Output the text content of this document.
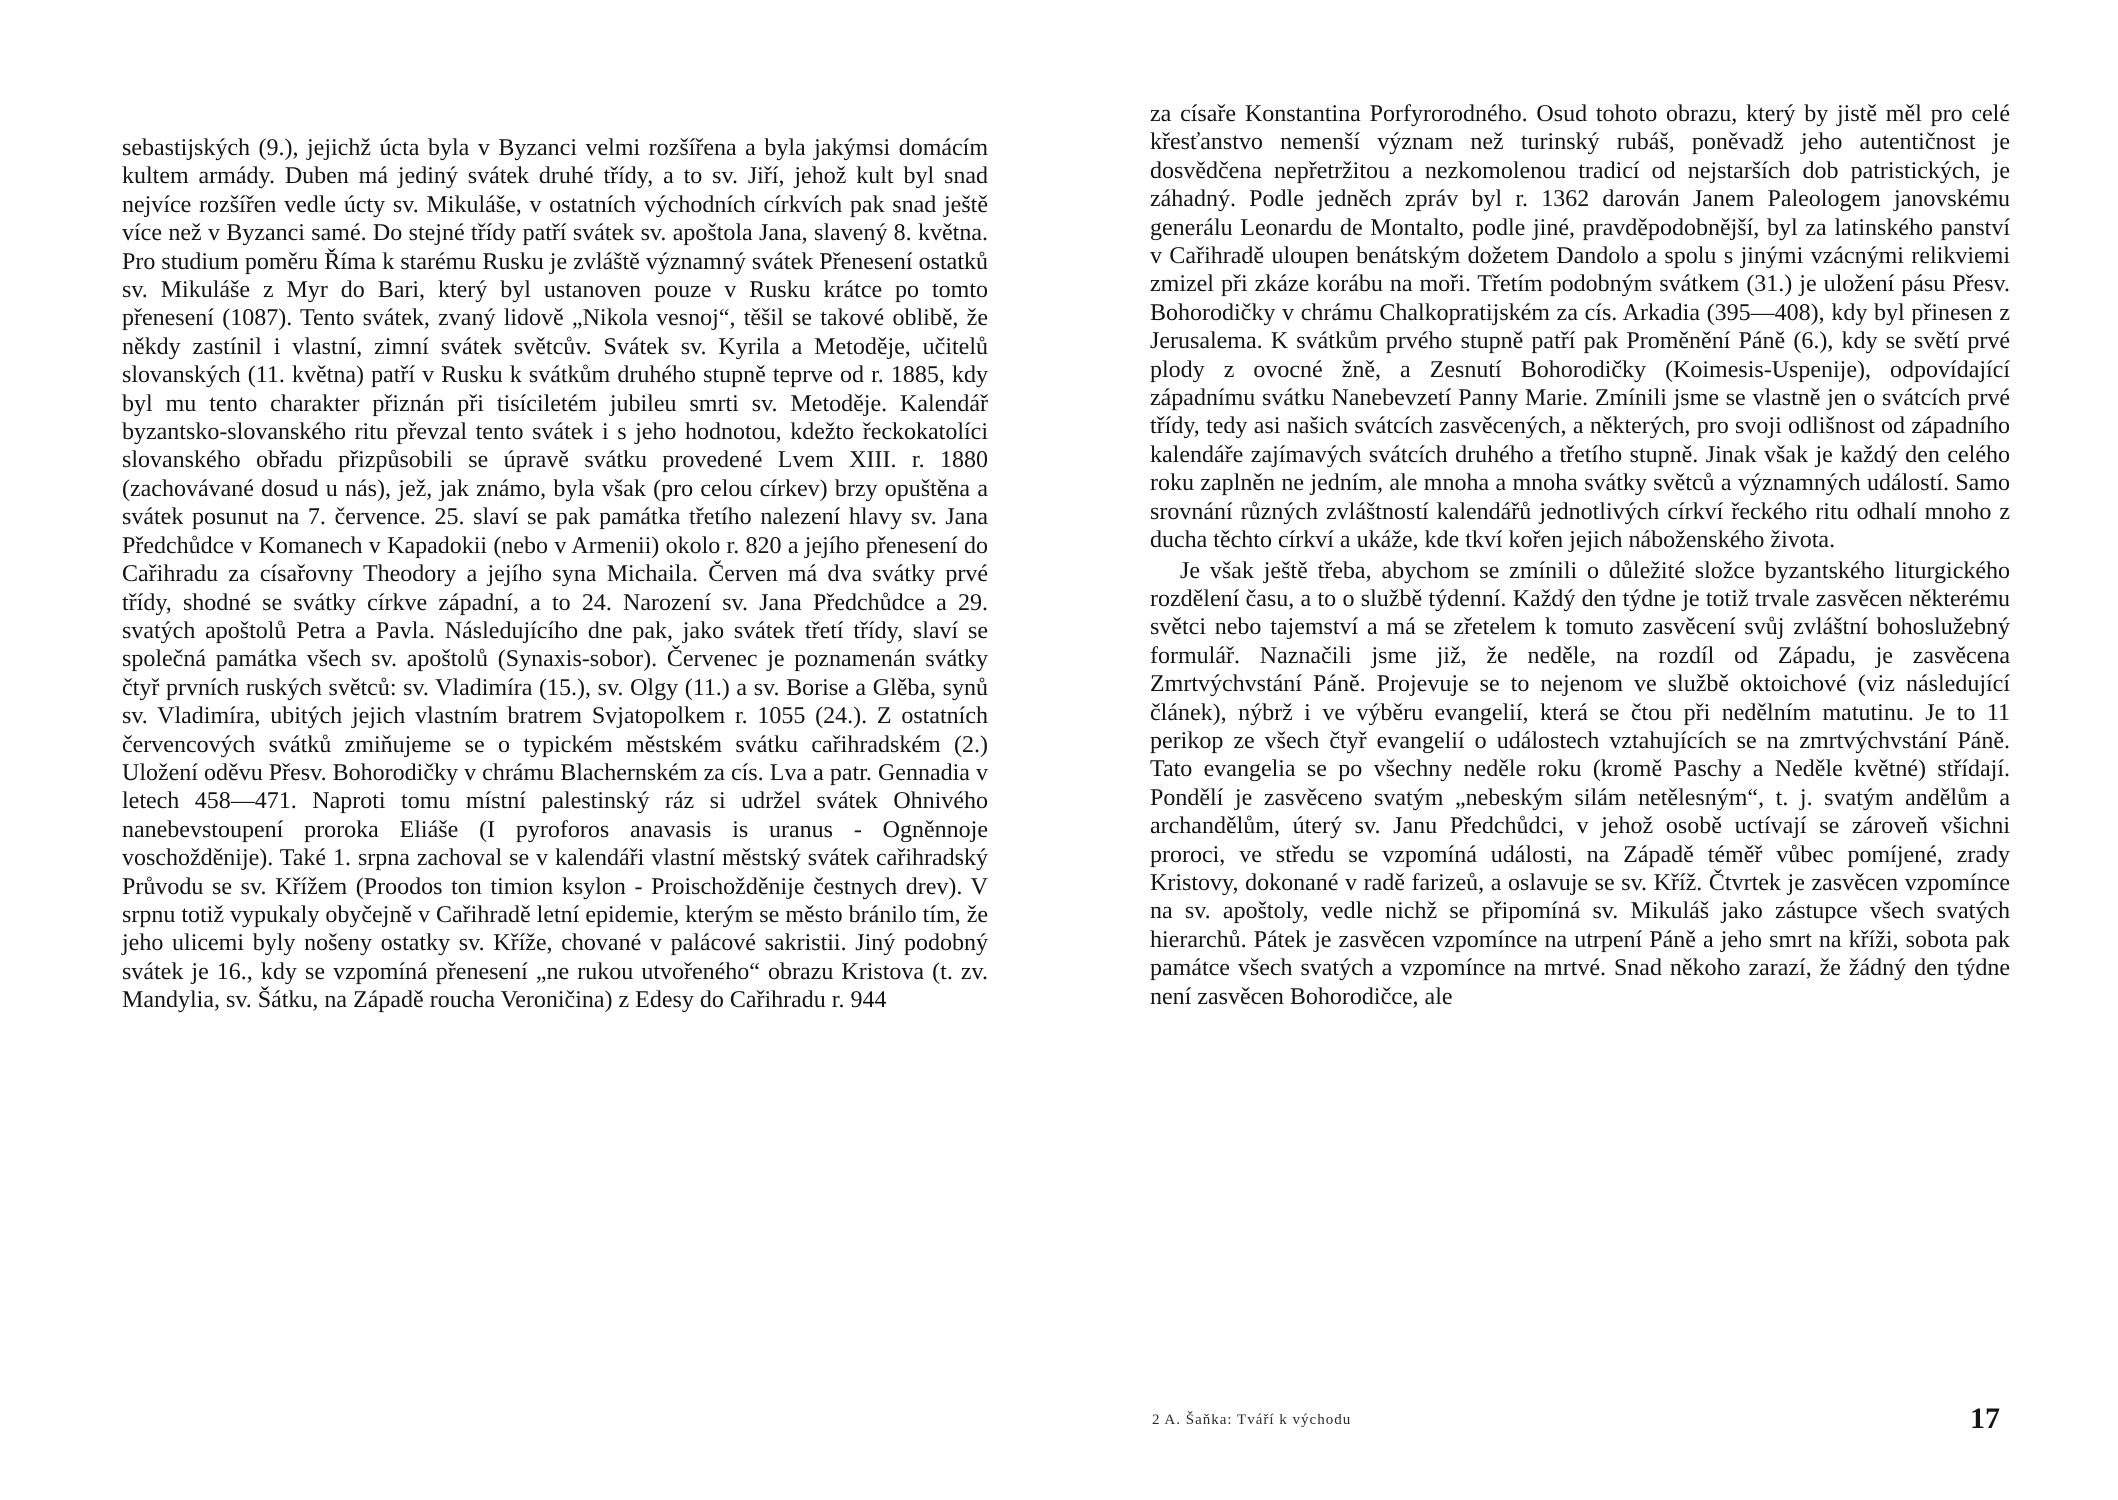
sebastijských (9.), jejichž úcta byla v Byzanci velmi rozšířena a byla jakýmsi domácím kultem armády. Duben má jediný svátek druhé třídy, a to sv. Jiří, jehož kult byl snad nejvíce rozšířen vedle úcty sv. Mikuláše, v ostatních východních církvích pak snad ještě více než v Byzanci samé. Do stejné třídy patří svátek sv. apoštola Jana, slavený 8. května. Pro studium poměru Říma k starému Rusku je zvláště významný svátek Přenesení ostatků sv. Mikuláše z Myr do Bari, který byl ustanoven pouze v Rusku krátce po tomto přenesení (1087). Tento svátek, zvaný lidově „Nikola vesnoj“, těšil se takové oblibě, že někdy zastínil i vlastní, zimní svátek světcův. Svátek sv. Kyrila a Metoděje, učitelů slovanských (11. května) patří v Rusku k svátkům druhého stupně teprve od r. 1885, kdy byl mu tento charakter přiznán při tisíciletém jubileu smrti sv. Metoděje. Kalendář byzantsko-slovanského ritu převzal tento svátek i s jeho hodnotou, kdežto řeckokatolíci slovanského obřadu přizpůsobili se úpravě svátku provedené Lvem XIII. r. 1880 (zachovávané dosud u nás), jež, jak známo, byla však (pro celou církev) brzy opuštěna a svátek posunut na 7. července. 25. slaví se pak památka třetího nalezení hlavy sv. Jana Předchůdce v Komanech v Kapadokii (nebo v Armenii) okolo r. 820 a jejího přenesení do Cařihradu za císařovny Theodory a jejího syna Michaila. Červen má dva svátky prvé třídy, shodné se svátky církve západní, a to 24. Narození sv. Jana Předchůdce a 29. svatých apoštolů Petra a Pavla. Následujícího dne pak, jako svátek třetí třídy, slaví se společná památka všech sv. apoštolů (Synaxis-sobor). Červenec je poznamenán svátky čtyř prvních ruských světců: sv. Vladimíra (15.), sv. Olgy (11.) a sv. Borise a Glěba, synů sv. Vladimíra, ubitých jejich vlastním bratrem Svjatopolkem r. 1055 (24.). Z ostatních červencových svátků zmiňujeme se o typickém městském svátku cařihradském (2.) Uložení oděvu Přesv. Bohorodičky v chrámu Blachernském za cís. Lva a patr. Gennadia v letech 458—471. Naproti tomu místní palestinský ráz si udržel svátek Ohnivého nanebevstoupení proroka Eliáše (I pyroforos anavasis is uranus - Ogněnnoje voschožděnije). Také 1. srpna zachoval se v kalendáři vlastní městský svátek cařihradský Průvodu se sv. Křížem (Proodos ton timion ksylon - Proischožděnije čestnych drev). V srpnu totiž vypukaly obyčejně v Cařihradě letní epidemie, kterým se město bránilo tím, že jeho ulicemi byly nošeny ostatky sv. Kříže, chované v palácové sakristii. Jiný podobný svátek je 16., kdy se vzpomíná přenesení „ne rukou utvořeného“ obrazu Kristova (t. zv. Mandylia, sv. Šátku, na Západě roucha Veroničina) z Edesy do Cařihradu r. 944

za císaře Konstantina Porfyrorodného. Osud tohoto obrazu, který by jistě měl pro celé křesťanstvo nemenší význam než turinský rubáš, poněvadž jeho autentičnost je dosvědčena nepřetržitou a nezkomolenou tradicí od nejstarších dob patristických, je záhadný. Podle jedněch zpráv byl r. 1362 darován Janem Paleologem janovskému generálu Leonardu de Montalto, podle jiné, pravděpodobnější, byl za latinského panství v Cařihradě uloupen benátským dožetem Dandolo a spolu s jinými vzácnými relikviemi zmizel při zkáze korábu na moři. Třetím podobným svátkem (31.) je uložení pásu Přesv. Bohorodičky v chrámu Chalkopratijském za cís. Arkadia (395—408), kdy byl přinesen z Jerusalema. K svátkům prvého stupně patří pak Proměnění Páně (6.), kdy se světí prvé plody z ovocné žně, a Zesnutí Bohorodičky (Koimesis-Uspenije), odpovídající západnímu svátku Nanebevzetí Panny Marie. Zmínili jsme se vlastně jen o svátcích prvé třídy, tedy asi našich svátcích zasvěcených, a některých, pro svoji odlišnost od západního kalendáře zajímavých svátcích druhého a třetího stupně. Jinak však je každý den celého roku zaplněn ne jedním, ale mnoha a mnoha svátky světců a významných událostí. Samo srovnání různých zvláštností kalendářů jednotlivých církví řeckého ritu odhalí mnoho z ducha těchto církví a ukáže, kde tkví kořen jejich náboženského života.

Je však ještě třeba, abychom se zmínili o důležité složce byzantského liturgického rozdělení času, a to o službě týdenní. Každý den týdne je totiž trvale zasvěcen některému světci nebo tajemství a má se zřetelem k tomuto zasvěcení svůj zvláštní bohoslužebný formulář. Naznačili jsme již, že neděle, na rozdíl od Západu, je zasvěcena Zmrtvýchvstání Páně. Projevuje se to nejenom ve službě oktoichové (viz následující článek), nýbrž i ve výběru evangelií, která se čtou při nedělním matutinu. Je to 11 perikop ze všech čtyř evangelií o událostech vztahujících se na zmrtvýchvstání Páně. Tato evangelia se po všechny neděle roku (kromě Paschy a Neděle květné) střídají. Pondělí je zasvěceno svatým „nebeským silám netělesným“, t. j. svatým andělům a archandělům, úterý sv. Janu Předchůdci, v jehož osobě uctívají se zároveň všichni proroci, ve středu se vzpomíná události, na Západě téměř vůbec pomíjené, zrady Kristovy, dokonané v radě farizeů, a oslavuje se sv. Kříž. Čtvrtek je zasvěcen vzpomínce na sv. apoštoly, vedle nichž se připomíná sv. Mikuláš jako zástupce všech svatých hierarchů. Pátek je zasvěcen vzpomínce na utrpení Páně a jeho smrt na kříži, sobota pak památce všech svatých a vzpomínce na mrtvé. Snad někoho zarazí, že žádný den týdne není zasvěcen Bohorodičce, ale

2 A. Šaňka: Tváří k východu	17
